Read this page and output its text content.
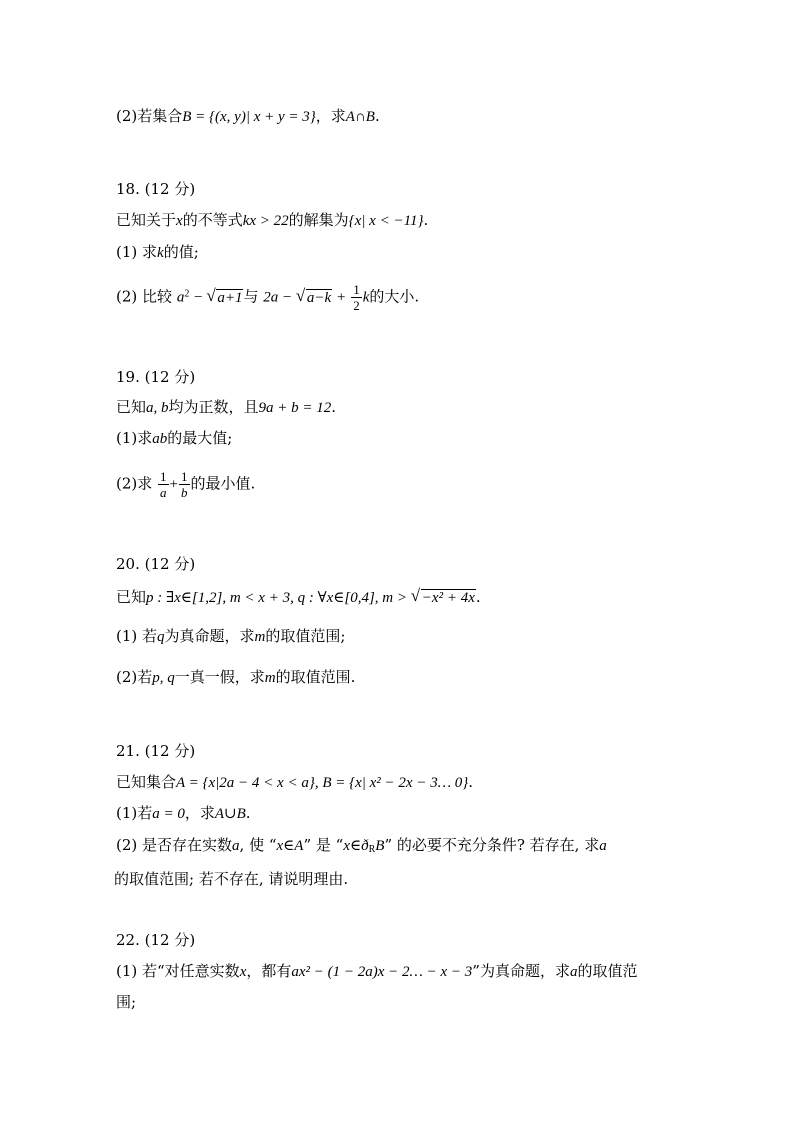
(2)若集合B = {(x, y)| x + y = 3}，求A∩B.
18. (12 分)
已知关于x的不等式kx > 22的解集为{x| x < −11}.
(1) 求k的值;
(2) 比较 $a^2$ − √ a+1与 2a − √ $a-k + \frac{1}{2}$ k的大小.
19. (12 分)
已知a, b均为正数，且9a + b = 12.
(1)求ab的最大值;
(2)求 $\frac{1}{a} + \frac{1}{b}$ 的最小值.
20. (12 分)
已知p : ∃x∈[1,2], m < x + 3, q : ∀x∈[0,4], m > √ −x² + 4x.
(1) 若q为真命题，求m的取值范围;
(2)若p, q一真一假，求m的取值范围.
21. (12 分)
已知集合A = {x|2a − 4 < x < a}, B = {x| x² − 2x − 3… 0}.
(1)若a = 0，求A∪B.
(2) 是否存在实数a, 使 “x∈A” 是 “$x\in ð_RB$” 的必要不充分条件? 若存在, 求a
的取值范围; 若不存在, 请说明理由.
22. (12 分)
(1) 若“对任意实数x，都有ax² − (1 − 2a)x − 2… − x − 3”为真命题，求a的取值范
围;
